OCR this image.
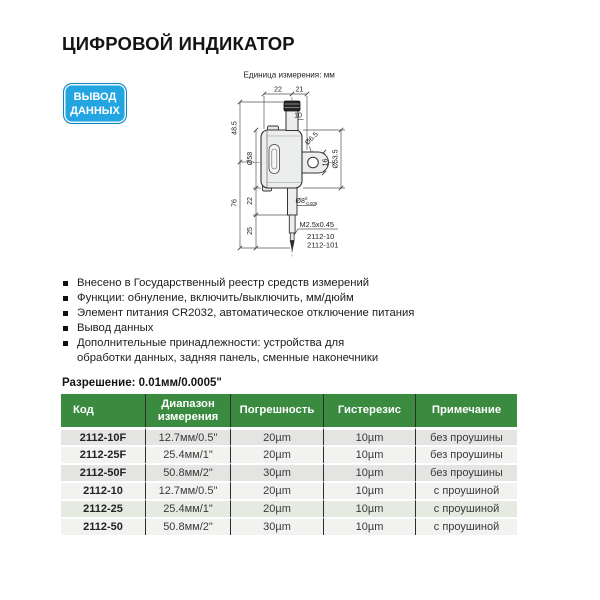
ЦИФРОВОЙ ИНДИКАТОР
ВЫВОД
ДАННЫХ
Единица измерения: мм
22 21
10
48.5
Ø58
76 22
25
Ø6.5
16 Ø53.5
Ø8 0
-0.009
M2.5x0.45
2112-10
2112-101
Внесено в Государственный реестр средств измерений
Функции: обнуление, включить/выключить, мм/дюйм
Элемент питания CR2032, автоматическое отключение питания
Вывод данных
Дополнительные принадлежности: устройства для
обработки данных, задняя панель, сменные наконечники
Разрешение: 0.01мм/0.0005"
Код	Диапазон измерения	Погрешность	Гистерезис	Примечание
2112-10F	12.7мм/0.5"	20µm	10µm	без проушины
2112-25F	25.4мм/1"	20µm	10µm	без проушины
2112-50F	50.8мм/2"	30µm	10µm	без проушины
2112-10	12.7мм/0.5"	20µm	10µm	с проушиной
2112-25	25.4мм/1"	20µm	10µm	с проушиной
2112-50	50.8мм/2"	30µm	10µm	с проушиной
